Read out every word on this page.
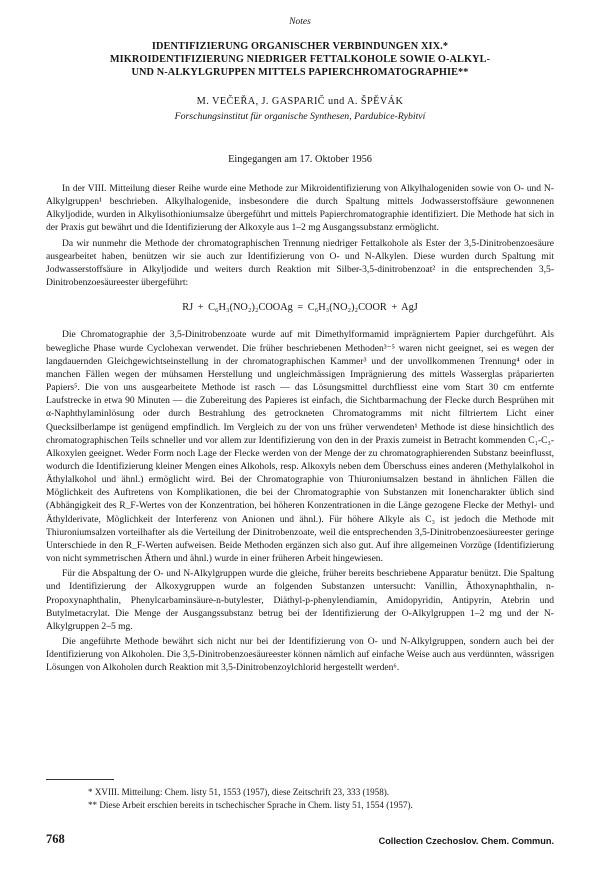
Notes
IDENTIFIZIERUNG ORGANISCHER VERBINDUNGEN XIX.*
MIKROIDENTIFIZIERUNG NIEDRIGER FETTALKOHOLE SOWIE O-ALKYL-
UND N-ALKYLGRUPPEN MITTELS PAPIERCHROMATOGRAPHIE**
M. VEČEŘA, J. GASPARIČ und A. ŠPĚVÁK
Forschungsinstitut für organische Synthesen, Pardubice-Rybitví
Eingegangen am 17. Oktober 1956

In der VIII. Mitteilung dieser Reihe wurde eine Methode zur Mikroidentifizierung von Alkylhalogeniden sowie von O- und N-Alkylgruppen¹ beschrieben. Alkylhalogenide, insbesondere die durch Spaltung mittels Jodwasserstoffsäure gewonnenen Alkyljodide, wurden in Alkylisothioniumsalze übergeführt und mittels Papierchromatographie identifiziert. Die Methode hat sich in der Praxis gut bewährt und die Identifizierung der Alkoxyle aus 1–2 mg Ausgangssubstanz ermöglicht.

Da wir nunmehr die Methode der chromatographischen Trennung niedriger Fettalkohole als Ester der 3,5-Dinitrobenzoesäure ausgearbeitet haben, benützen wir sie auch zur Identifizierung von O- und N-Alkylen. Diese wurden durch Spaltung mit Jodwasserstoffsäure in Alkyljodide und weiters durch Reaktion mit Silber-3,5-dinitrobenzoat² in die entsprechenden 3,5-Dinitrobenzoesäureester übergeführt:

RJ + C₆H₃(NO₂)₂COOAg = C₆H₃(NO₂)₂COOR + AgJ

Die Chromatographie der 3,5-Dinitrobenzoate wurde auf mit Dimethylformamid imprägniertem Papier durchgeführt. Als bewegliche Phase wurde Cyclohexan verwendet. Die früher beschriebenen Methoden³⁻⁵ waren nicht geeignet, sei es wegen der langdauernden Gleichgewichtseinstellung in der chromatographischen Kammer³ und der unvollkommenen Trennung⁴ oder in manchen Fällen wegen der mühsamen Herstellung und ungleichmässigen Imprägnierung des mittels Wasserglas präparierten Papiers⁵. Die von uns ausgearbeitete Methode ist rasch — das Lösungsmittel durchfliesst eine vom Start 30 cm entfernte Laufstrecke in etwa 90 Minuten — die Zubereitung des Papieres ist einfach, die Sichtbarmachung der Flecke durch Besprühen mit α-Naphthylaminlösung oder durch Bestrahlung des getrockneten Chromatogramms mit nicht filtriertem Licht einer Quecksilberlampe ist genügend empfindlich. Im Vergleich zu der von uns früher verwendeten¹ Methode ist diese hinsichtlich des chromatographischen Teils schneller und vor allem zur Identifizierung von den in der Praxis zumeist in Betracht kommenden C₁-C₃-Alkoxylen geeignet. Weder Form noch Lage der Flecke werden von der Menge der zu chromatographierenden Substanz beeinflusst, wodurch die Identifizierung kleiner Mengen eines Alkohols, resp. Alkoxyls neben dem Überschuss eines anderen (Methylalkohol in Äthylalkohol und ähnl.) ermöglicht wird. Bei der Chromatographie von Thiuroniumsalzen bestand in ähnlichen Fällen die Möglichkeit des Auftretens von Komplikationen, die bei der Chromatographie von Substanzen mit Ionencharakter üblich sind (Abhängigkeit des R_F-Wertes von der Konzentration, bei höheren Konzentrationen in die Länge gezogene Flecke der Methyl- und Äthylderivate, Möglichkeit der Interferenz von Anionen und ähnl.). Für höhere Alkyle als C₃ ist jedoch die Methode mit Thiuroniumsalzen vorteilhafter als die Verteilung der Dinitrobenzoate, weil die entsprechenden 3,5-Dinitrobenzoesäureester geringe Unterschiede in den R_F-Werten aufweisen. Beide Methoden ergänzen sich also gut. Auf ihre allgemeinen Vorzüge (Identifizierung von nicht symmetrischen Äthern und ähnl.) wurde in einer früheren Arbeit hingewiesen.

Für die Abspaltung der O- und N-Alkylgruppen wurde die gleiche, früher bereits beschriebene Apparatur benützt. Die Spaltung und Identifizierung der Alkoxygruppen wurde an folgenden Substanzen untersucht: Vanillin, Äthoxynaphthalin, n-Propoxynaphthalin, Phenylcarbaminsäure-n-butylester, Diäthyl-p-phenylendiamin, Amidopyridin, Antipyrin, Atebrin und Butylmetacrylat. Die Menge der Ausgangssubstanz betrug bei der Identifizierung der O-Alkylgruppen 1–2 mg und der N-Alkylgruppen 2–5 mg.

Die angeführte Methode bewährt sich nicht nur bei der Identifizierung von O- und N-Alkylgruppen, sondern auch bei der Identifizierung von Alkoholen. Die 3,5-Dinitrobenzoesäureester können nämlich auf einfache Weise auch aus verdünnten, wässrigen Lösungen von Alkoholen durch Reaktion mit 3,5-Dinitrobenzoylchlorid hergestellt werden⁶.

* XVIII. Mitteilung: Chem. listy 51, 1553 (1957), diese Zeitschrift 23, 333 (1958).
** Diese Arbeit erschien bereits in tschechischer Sprache in Chem. listy 51, 1554 (1957).
768	Collection Czechoslov. Chem. Commun.
